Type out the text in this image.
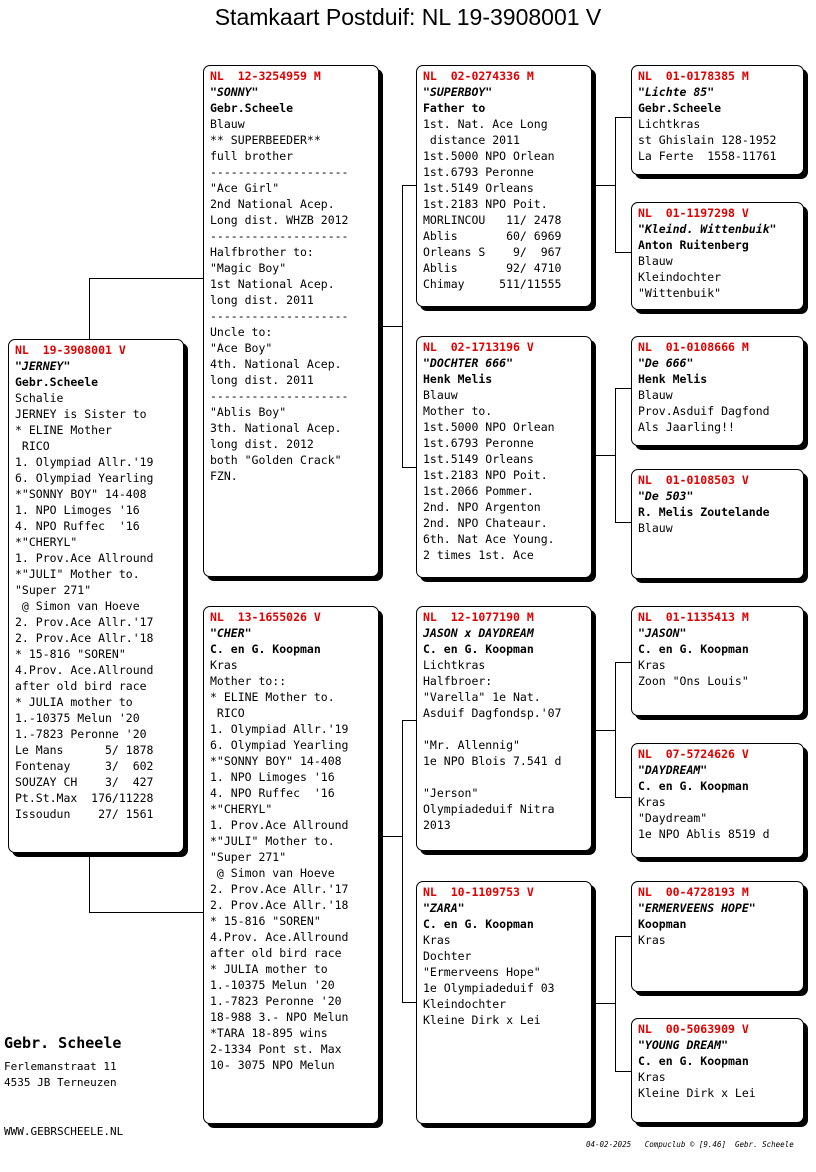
Stamkaart Postduif: NL 19-3908001 V
NL  19-3908001 V
"JERNEY"
Gebr.Scheele
Schalie
JERNEY is Sister to
* ELINE Mother
RICO
1. Olympiad Allr.'19
6. Olympiad Yearling
*"SONNY BOY" 14-408
1. NPO Limoges '16
4. NPO Ruffec  '16
*"CHERYL"
1. Prov.Ace Allround
*"JULI" Mother to.
"Super 271"
@ Simon van Hoeve
2. Prov.Ace Allr.'17
2. Prov.Ace Allr.'18
* 15-816 "SOREN"
4.Prov. Ace.Allround
after old bird race
* JULIA mother to
1.-10375 Melun '20
1.-7823 Peronne '20
Le Mans      5/ 1878
Fontenay     3/  602
SOUZAY CH    3/  427
Pt.St.Max  176/11228
Issoudun    27/ 1561
NL  12-3254959 M
"SONNY"
Gebr.Scheele
Blauw
** SUPERBEEDER**
full brother
--------------------
"Ace Girl"
2nd National Acep.
Long dist. WHZB 2012
--------------------
Halfbrother to:
"Magic Boy"
1st National Acep.
long dist. 2011
--------------------
Uncle to:
"Ace Boy"
4th. National Acep.
long dist. 2011
--------------------
"Ablis Boy"
3th. National Acep.
long dist. 2012
both "Golden Crack"
FZN.
NL  13-1655026 V
"CHER"
C. en G. Koopman
Kras
Mother to::
* ELINE Mother to.
RICO
1. Olympiad Allr.'19
6. Olympiad Yearling
*"SONNY BOY" 14-408
1. NPO Limoges '16
4. NPO Ruffec  '16
*"CHERYL"
1. Prov.Ace Allround
*"JULI" Mother to.
"Super 271"
@ Simon van Hoeve
2. Prov.Ace Allr.'17
2. Prov.Ace Allr.'18
* 15-816 "SOREN"
4.Prov. Ace.Allround
after old bird race
* JULIA mother to
1.-10375 Melun '20
1.-7823 Peronne '20
18-988 3.- NPO Melun
*TARA 18-895 wins
2-1334 Pont st. Max
10- 3075 NPO Melun
NL  02-0274336 M
"SUPERBOY"
Father to
1st. Nat. Ace Long
distance 2011
1st.5000 NPO Orlean
1st.6793 Peronne
1st.5149 Orleans
1st.2183 NPO Poit.
MORLINCOU   11/ 2478
Ablis       60/ 6969
Orleans S    9/  967
Ablis       92/ 4710
Chimay     511/11555
NL  02-1713196 V
"DOCHTER 666"
Henk Melis
Blauw
Mother to.
1st.5000 NPO Orlean
1st.6793 Peronne
1st.5149 Orleans
1st.2183 NPO Poit.
1st.2066 Pommer.
2nd. NPO Argenton
2nd. NPO Chateaur.
6th. Nat Ace Young.
2 times 1st. Ace
NL  12-1077190 M
JASON x DAYDREAM
C. en G. Koopman
Lichtkras
Halfbroer:
"Varella" 1e Nat.
Asduif Dagfondsp.'07

"Mr. Allennig"
1e NPO Blois 7.541 d

"Jerson"
Olympiadeduif Nitra
2013
NL  10-1109753 V
"ZARA"
C. en G. Koopman
Kras
Dochter
"Ermerveens Hope"
1e Olympiadeduif 03
Kleindochter
Kleine Dirk x Lei
NL  01-0178385 M
"Lichte 85"
Gebr.Scheele
Lichtkras
st Ghislain 128-1952
La Ferte  1558-11761
NL  01-1197298 V
"Kleind. Wittenbuik"
Anton Ruitenberg
Blauw
Kleindochter
"Wittenbuik"
NL  01-0108666 M
"De 666"
Henk Melis
Blauw
Prov.Asduif Dagfond
Als Jaarling!!
NL  01-0108503 V
"De 503"
R. Melis Zoutelande
Blauw
NL  01-1135413 M
"JASON"
C. en G. Koopman
Kras
Zoon "Ons Louis"
NL  07-5724626 V
"DAYDREAM"
C. en G. Koopman
Kras
"Daydream"
1e NPO Ablis 8519 d
NL  00-4728193 M
"ERMERVEENS HOPE"
Koopman
Kras
NL  00-5063909 V
"YOUNG DREAM"
C. en G. Koopman
Kras
Kleine Dirk x Lei
Gebr. Scheele
Ferlemanstraat 11
4535 JB Terneuzen
WWW.GEBRSCHEELE.NL
04-02-2025   Compuclub © [9.46]  Gebr. Scheele
